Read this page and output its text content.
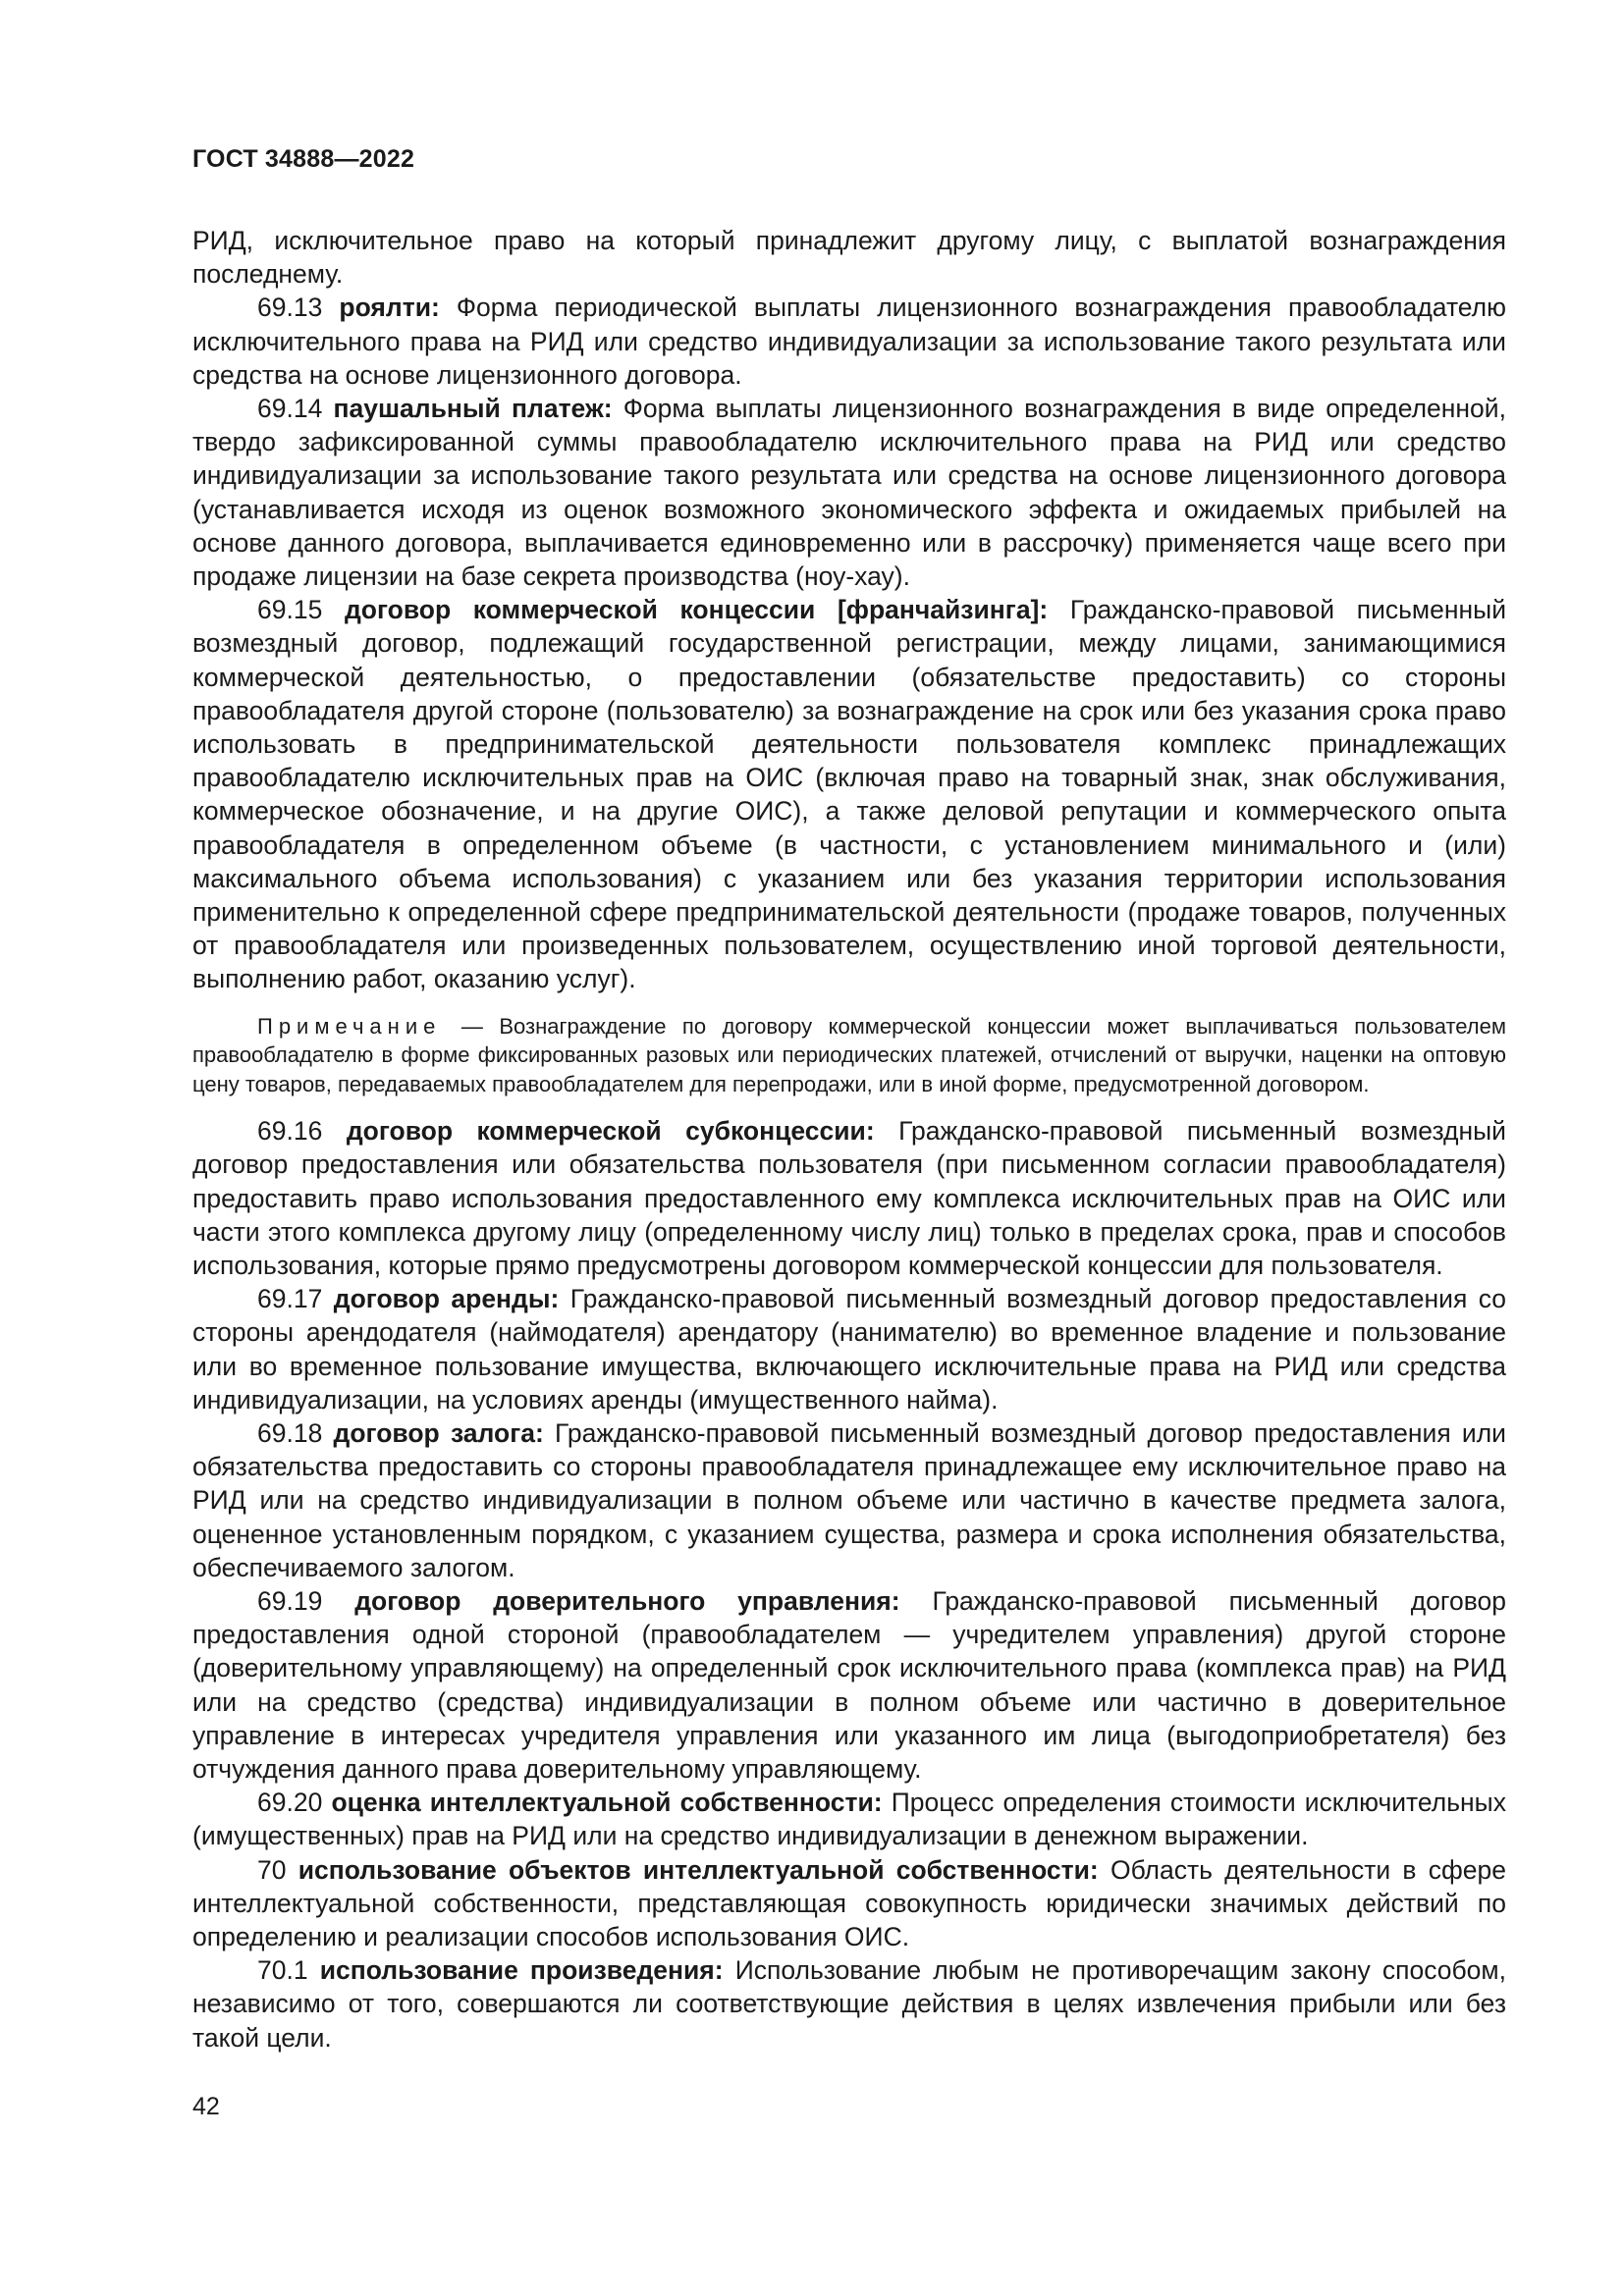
ГОСТ 34888—2022

РИД, исключительное право на который принадлежит другому лицу, с выплатой вознаграждения последнему.

69.13 роялти: Форма периодической выплаты лицензионного вознаграждения правообладателю исключительного права на РИД или средство индивидуализации за использование такого результата или средства на основе лицензионного договора.

69.14 паушальный платеж: Форма выплаты лицензионного вознаграждения в виде определенной, твердо зафиксированной суммы правообладателю исключительного права на РИД или средство индивидуализации за использование такого результата или средства на основе лицензионного договора (устанавливается исходя из оценок возможного экономического эффекта и ожидаемых прибылей на основе данного договора, выплачивается единовременно или в рассрочку) применяется чаще всего при продаже лицензии на базе секрета производства (ноу-хау).

69.15 договор коммерческой концессии [франчайзинга]: Гражданско-правовой письменный возмездный договор, подлежащий государственной регистрации, между лицами, занимающимися коммерческой деятельностью, о предоставлении (обязательстве предоставить) со стороны правообладателя другой стороне (пользователю) за вознаграждение на срок или без указания срока право использовать в предпринимательской деятельности пользователя комплекс принадлежащих правообладателю исключительных прав на ОИС (включая право на товарный знак, знак обслуживания, коммерческое обозначение, и на другие ОИС), а также деловой репутации и коммерческого опыта правообладателя в определенном объеме (в частности, с установлением минимального и (или) максимального объема использования) с указанием или без указания территории использования применительно к определенной сфере предпринимательской деятельности (продаже товаров, полученных от правообладателя или произведенных пользователем, осуществлению иной торговой деятельности, выполнению работ, оказанию услуг).

Примечание — Вознаграждение по договору коммерческой концессии может выплачиваться пользователем правообладателю в форме фиксированных разовых или периодических платежей, отчислений от выручки, наценки на оптовую цену товаров, передаваемых правообладателем для перепродажи, или в иной форме, предусмотренной договором.

69.16 договор коммерческой субконцессии: Гражданско-правовой письменный возмездный договор предоставления или обязательства пользователя (при письменном согласии правообладателя) предоставить право использования предоставленного ему комплекса исключительных прав на ОИС или части этого комплекса другому лицу (определенному числу лиц) только в пределах срока, прав и способов использования, которые прямо предусмотрены договором коммерческой концессии для пользователя.

69.17 договор аренды: Гражданско-правовой письменный возмездный договор предоставления со стороны арендодателя (наймодателя) арендатору (нанимателю) во временное владение и пользование или во временное пользование имущества, включающего исключительные права на РИД или средства индивидуализации, на условиях аренды (имущественного найма).

69.18 договор залога: Гражданско-правовой письменный возмездный договор предоставления или обязательства предоставить со стороны правообладателя принадлежащее ему исключительное право на РИД или на средство индивидуализации в полном объеме или частично в качестве предмета залога, оцененное установленным порядком, с указанием существа, размера и срока исполнения обязательства, обеспечиваемого залогом.

69.19 договор доверительного управления: Гражданско-правовой письменный договор предоставления одной стороной (правообладателем — учредителем управления) другой стороне (доверительному управляющему) на определенный срок исключительного права (комплекса прав) на РИД или на средство (средства) индивидуализации в полном объеме или частично в доверительное управление в интересах учредителя управления или указанного им лица (выгодоприобретателя) без отчуждения данного права доверительному управляющему.

69.20 оценка интеллектуальной собственности: Процесс определения стоимости исключительных (имущественных) прав на РИД или на средство индивидуализации в денежном выражении.

70 использование объектов интеллектуальной собственности: Область деятельности в сфере интеллектуальной собственности, представляющая совокупность юридически значимых действий по определению и реализации способов использования ОИС.

70.1 использование произведения: Использование любым не противоречащим закону способом, независимо от того, совершаются ли соответствующие действия в целях извлечения прибыли или без такой цели.

42
